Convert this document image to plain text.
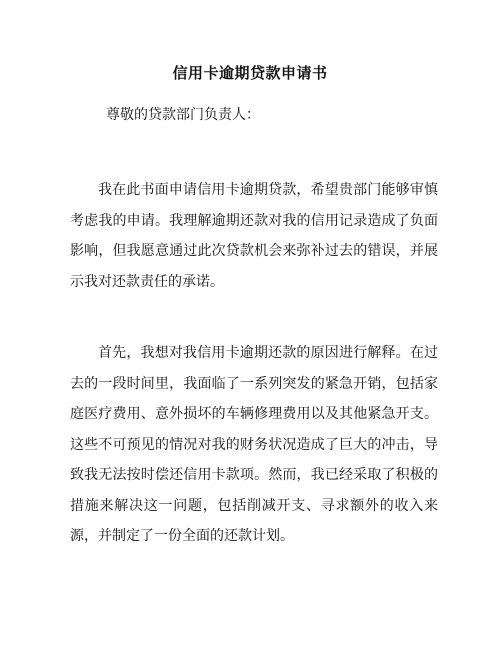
信用卡逾期贷款申请书
尊敬的贷款部门负责人：
我在此书面申请信用卡逾期贷款，希望贵部门能够审慎考虑我的申请。我理解逾期还款对我的信用记录造成了负面影响，但我愿意通过此次贷款机会来弥补过去的错误，并展示我对还款责任的承诺。
首先，我想对我信用卡逾期还款的原因进行解释。在过去的一段时间里，我面临了一系列突发的紧急开销，包括家庭医疗费用、意外损坏的车辆修理费用以及其他紧急开支。这些不可预见的情况对我的财务状况造成了巨大的冲击，导致我无法按时偿还信用卡款项。然而，我已经采取了积极的措施来解决这一问题，包括削减开支、寻求额外的收入来源，并制定了一份全面的还款计划。
